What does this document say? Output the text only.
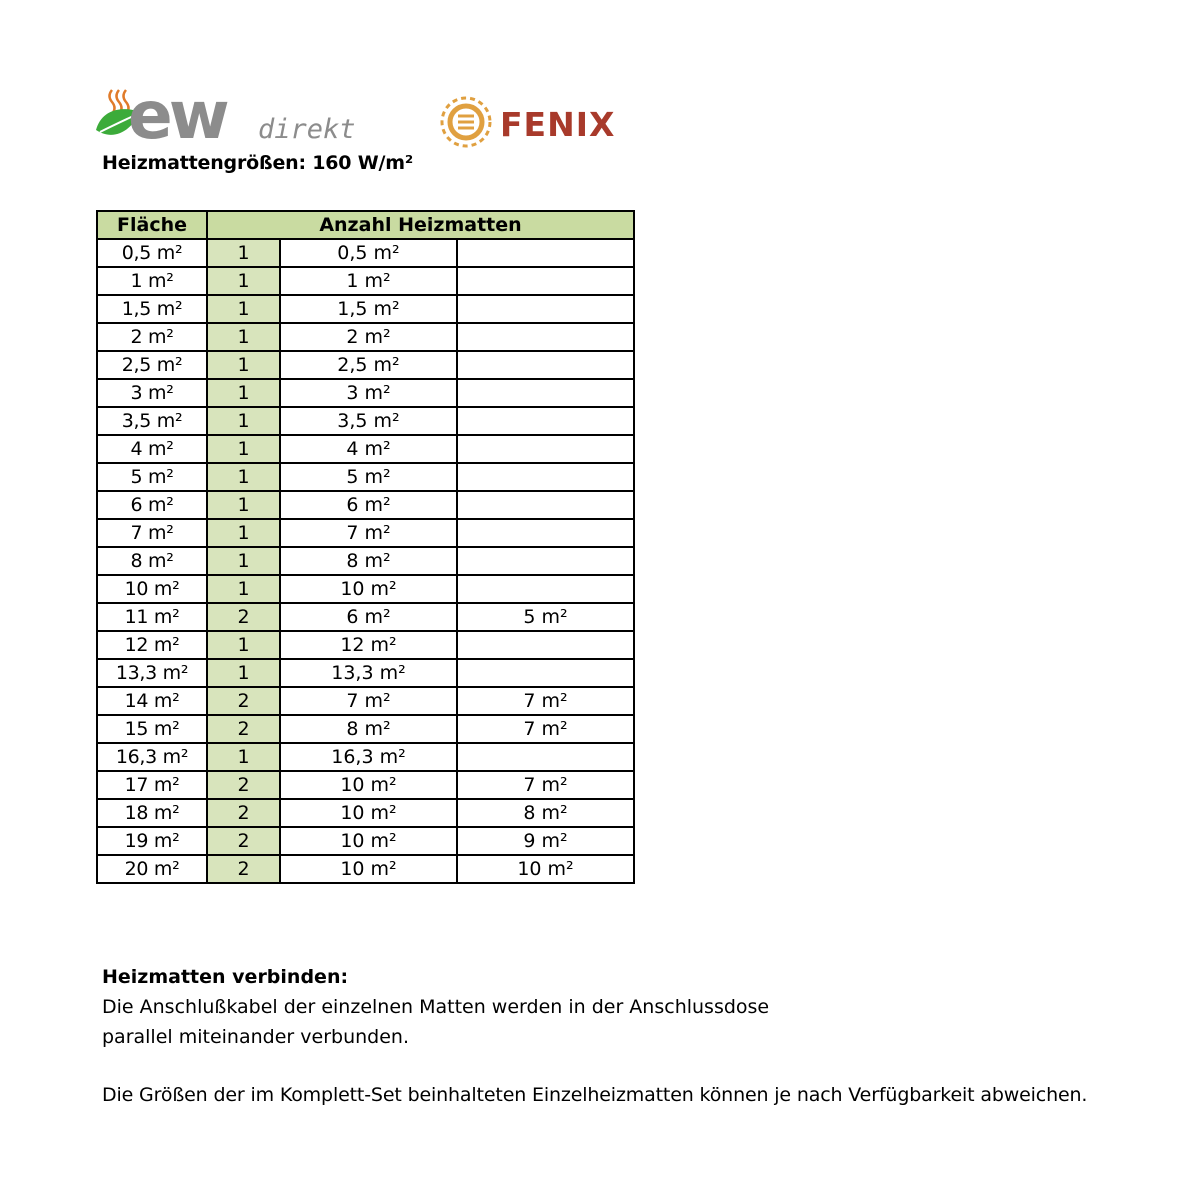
ew direkt	FENIX
Heizmattengrößen: 160 W/m²
Fläche	Anzahl Heizmatten		
0,5 m²	1	0,5 m²	
1 m²	1	1 m²	
1,5 m²	1	1,5 m²	
2 m²	1	2 m²	
2,5 m²	1	2,5 m²	
3 m²	1	3 m²	
3,5 m²	1	3,5 m²	
4 m²	1	4 m²	
5 m²	1	5 m²	
6 m²	1	6 m²	
7 m²	1	7 m²	
8 m²	1	8 m²	
10 m²	1	10 m²	
11 m²	2	6 m²	5 m²
12 m²	1	12 m²	
13,3 m²	1	13,3 m²	
14 m²	2	7 m²	7 m²
15 m²	2	8 m²	7 m²
16,3 m²	1	16,3 m²	
17 m²	2	10 m²	7 m²
18 m²	2	10 m²	8 m²
19 m²	2	10 m²	9 m²
20 m²	2	10 m²	10 m²
Heizmatten verbinden:
Die Anschlußkabel der einzelnen Matten werden in der Anschlussdose
parallel miteinander verbunden.
Die Größen der im Komplett-Set beinhalteten Einzelheizmatten können je nach Verfügbarkeit abweichen.
